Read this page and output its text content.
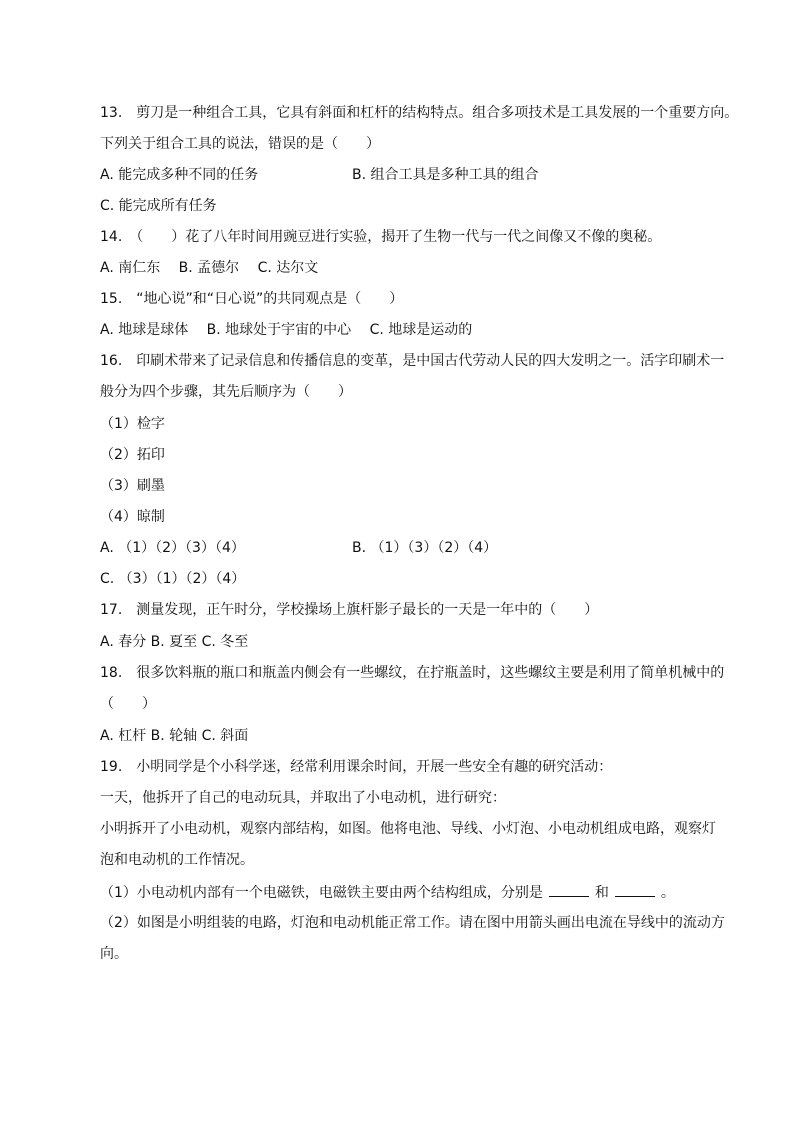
13.　剪刀是一种组合工具，它具有斜面和杠杆的结构特点。组合多项技术是工具发展的一个重要方向。
下列关于组合工具的说法，错误的是（　　）
A. 能完成多种不同的任务	B. 组合工具是多种工具的组合
C. 能完成所有任务
14.　（　　）花了八年时间用豌豆进行实验，揭开了生物一代与一代之间像又不像的奥秘。
A. 南仁东　 B. 孟德尔　 C. 达尔文
15.　“地心说”和“日心说”的共同观点是（　　）
A. 地球是球体　 B. 地球处于宇宙的中心　 C. 地球是运动的
16.　印刷术带来了记录信息和传播信息的变革，是中国古代劳动人民的四大发明之一。活字印刷术一
般分为四个步骤，其先后顺序为（　　）
（1）检字
（2）拓印
（3）刷墨
（4）晾制
A. （1）（2）（3）（4）	B. （1）（3）（2）（4）
C. （3）（1）（2）（4）
17.　测量发现，正午时分，学校操场上旗杆影子最长的一天是一年中的（　　）
A. 春分 B. 夏至 C. 冬至
18.　很多饮料瓶的瓶口和瓶盖内侧会有一些螺纹，在拧瓶盖时，这些螺纹主要是利用了简单机械中的
（　　）
A. 杠杆 B. 轮轴 C. 斜面
19.　小明同学是个小科学迷，经常利用课余时间，开展一些安全有趣的研究活动：
一天，他拆开了自己的电动玩具，并取出了小电动机，进行研究：
小明拆开了小电动机，观察内部结构，如图。他将电池、导线、小灯泡、小电动机组成电路，观察灯
泡和电动机的工作情况。
（1）小电动机内部有一个电磁铁，电磁铁主要由两个结构组成，分别是	和	。
（2）如图是小明组装的电路，灯泡和电动机能正常工作。请在图中用箭头画出电流在导线中的流动方
向。
